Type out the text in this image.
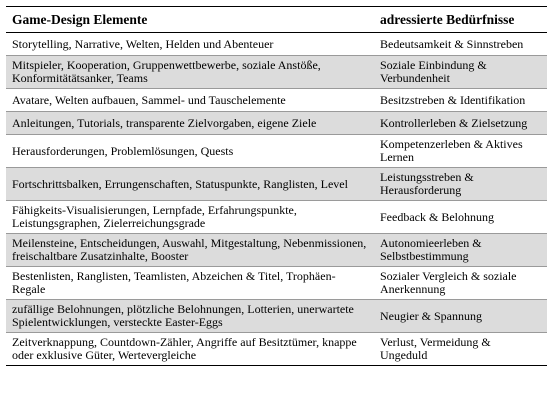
Game-Design Elemente	adressierte Bedürfnisse
Storytelling, Narrative, Welten, Helden und Abenteuer	Bedeutsamkeit & Sinnstreben
Mitspieler, Kooperation, Gruppenwettbewerbe, soziale Anstöße, Konformitätätsanker, Teams	Soziale Einbindung & Verbundenheit
Avatare, Welten aufbauen, Sammel- und Tauschelemente	Besitzstreben & Identifikation
Anleitungen, Tutorials, transparente Zielvorgaben, eigene Ziele	Kontrollerleben & Zielsetzung
Herausforderungen, Problemlösungen, Quests	Kompetenzerleben & Aktives Lernen
Fortschrittsbalken, Errungenschaften, Statuspunkte, Ranglisten, Level	Leistungsstreben & Herausforderung
Fähigkeits-Visualisierungen, Lernpfade, Erfahrungspunkte, Leistungsgraphen, Zielerreichungsgrade	Feedback & Belohnung
Meilensteine, Entscheidungen, Auswahl, Mitgestaltung, Nebenmissionen, freischaltbare Zusatzinhalte, Booster	Autonomieerleben & Selbstbestimmung
Bestenlisten, Ranglisten, Teamlisten, Abzeichen & Titel, Trophäen-Regale	Sozialer Vergleich & soziale Anerkennung
zufällige Belohnungen, plötzliche Belohnungen, Lotterien, unerwartete Spielentwicklungen, versteckte Easter-Eggs	Neugier & Spannung
Zeitverknappung, Countdown-Zähler, Angriffe auf Besitztümer, knappe oder exklusive Güter, Wertevergleiche	Verlust, Vermeidung & Ungeduld
